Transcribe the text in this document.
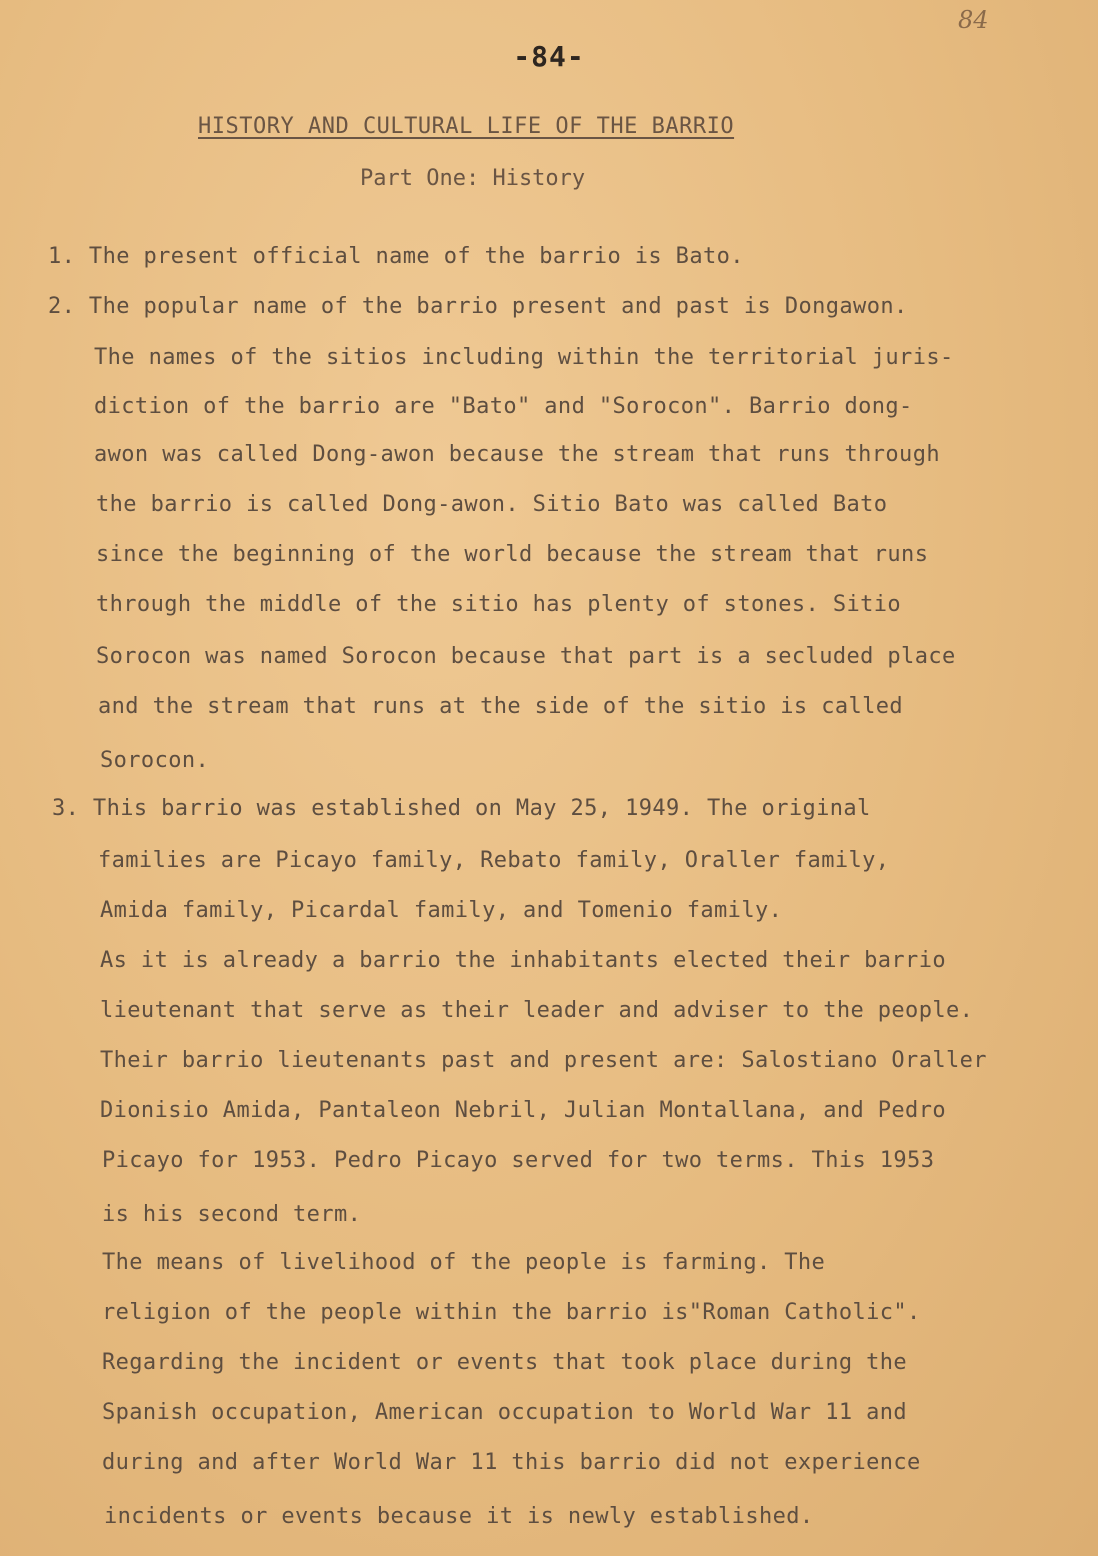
84
-84-
HISTORY AND CULTURAL LIFE OF THE BARRIO
Part One: History
1. The present official name of the barrio is Bato.
2. The popular name of the barrio present and past is Dongawon.
The names of the sitios including within the territorial juris-
diction of the barrio are "Bato" and "Sorocon". Barrio dong-
awon was called Dong-awon because the stream that runs through
the barrio is called Dong-awon. Sitio Bato was called Bato
since the beginning of the world because the stream that runs
through the middle of the sitio has plenty of stones. Sitio
Sorocon was named Sorocon because that part is a secluded place
and the stream that runs at the side of the sitio is called
Sorocon.
3. This barrio was established on May 25, 1949. The original
families are Picayo family, Rebato family, Oraller family,
Amida family, Picardal family, and Tomenio family.
As it is already a barrio the inhabitants elected their barrio
lieutenant that serve as their leader and adviser to the people.
Their barrio lieutenants past and present are: Salostiano Oraller
Dionisio Amida, Pantaleon Nebril, Julian Montallana, and Pedro
Picayo for 1953. Pedro Picayo served for two terms. This 1953
is his second term.
The means of livelihood of the people is farming. The
religion of the people within the barrio is"Roman Catholic".
Regarding the incident or events that took place during the
Spanish occupation, American occupation to World War 11 and
during and after World War 11 this barrio did not experience
incidents or events because it is newly established.
